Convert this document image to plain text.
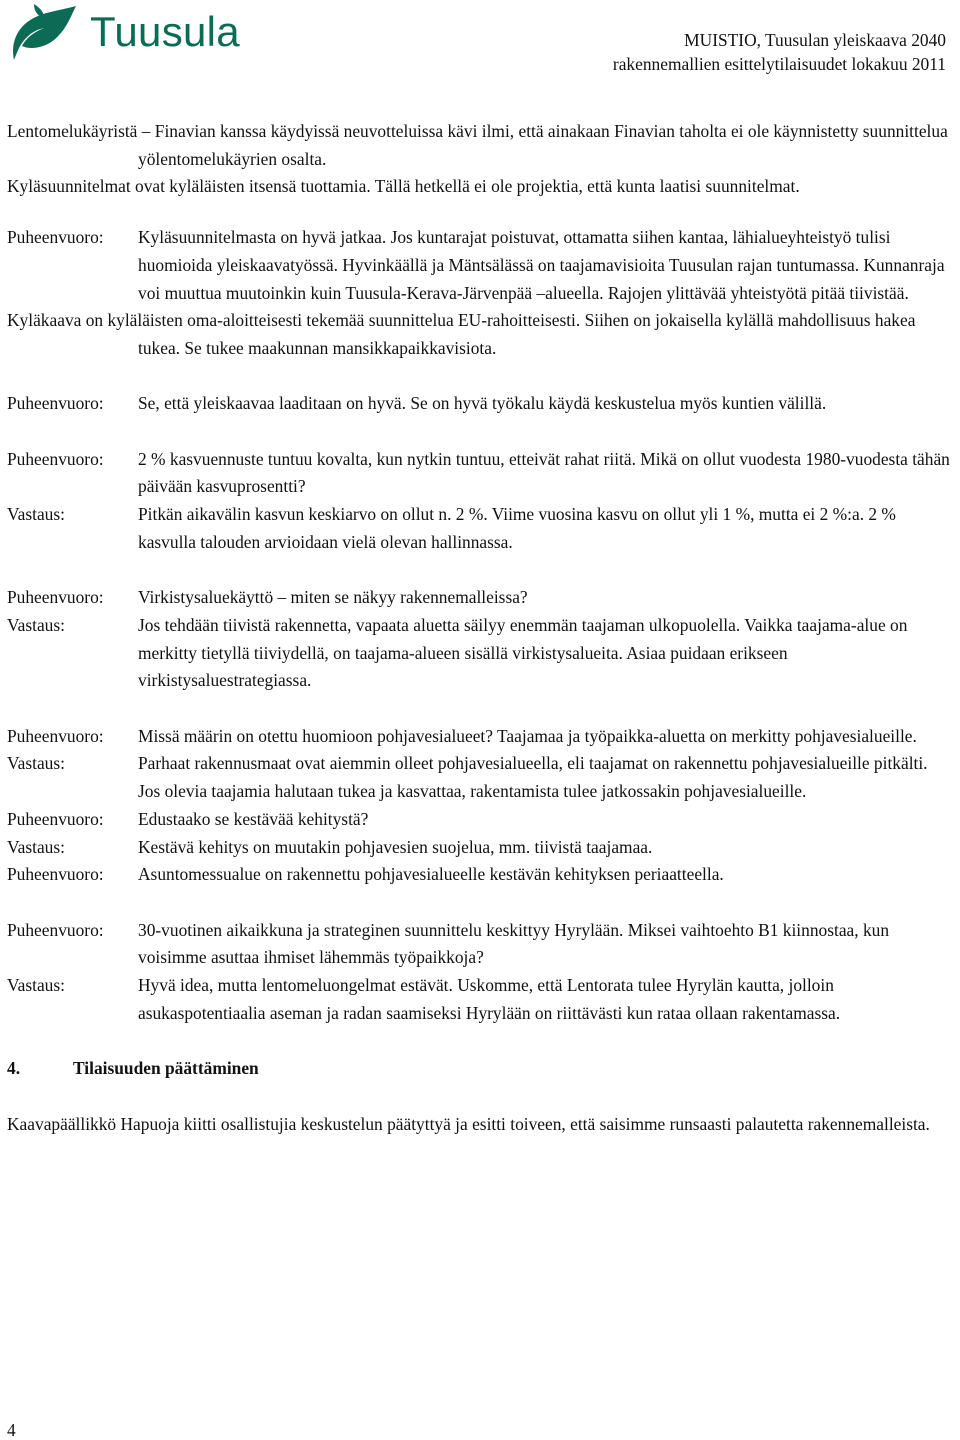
Tuusula	MUISTIO, Tuusulan yleiskaava 2040
rakennemallien esittelytilaisuudet lokakuu 2011

Lentomelukäyristä – Finavian kanssa käydyissä neuvotteluissa kävi ilmi, että ainakaan Finavian taholta ei ole käynnistetty suunnittelua yölentomelukäyrien osalta.

Kyläsuunnitelmat ovat kyläläisten itsensä tuottamia. Tällä hetkellä ei ole projektia, että kunta laatisi suunnitelmat.

Puheenvuoro:	Kyläsuunnitelmasta on hyvä jatkaa. Jos kuntarajat poistuvat, ottamatta siihen kantaa, lähialueyhteistyö tulisi huomioida yleiskaavatyössä. Hyvinkäällä ja Mäntsälässä on taajamavisioita Tuusulan rajan tuntumassa. Kunnanraja voi muuttua muutoinkin kuin Tuusula-Kerava-Järvenpää –alueella. Rajojen ylittävää yhteistyötä pitää tiivistää.

Kyläkaava on kyläläisten oma-aloitteisesti tekemää suunnittelua EU-rahoitteisesti. Siihen on jokaisella kylällä mahdollisuus hakea tukea. Se tukee maakunnan mansikkapaikkavisiota.

Puheenvuoro:	Se, että yleiskaavaa laaditaan on hyvä. Se on hyvä työkalu käydä keskustelua myös kuntien välillä.
Puheenvuoro:	2 % kasvuennuste tuntuu kovalta, kun nytkin tuntuu, etteivät rahat riitä. Mikä on ollut vuodesta 1980-vuodesta tähän päivään kasvuprosentti?
Vastaus:	Pitkän aikavälin kasvun keskiarvo on ollut n. 2 %. Viime vuosina kasvu on ollut yli 1 %, mutta ei 2 %:a. 2 % kasvulla talouden arvioidaan vielä olevan hallinnassa.
Puheenvuoro:	Virkistysaluekäyttö – miten se näkyy rakennemalleissa?
Vastaus:	Jos tehdään tiivistä rakennetta, vapaata aluetta säilyy enemmän taajaman ulkopuolella. Vaikka taajama-alue on merkitty tietyllä tiiviydellä, on taajama-alueen sisällä virkistysalueita. Asiaa puidaan erikseen virkistysaluestrategiassa.
Puheenvuoro:	Missä määrin on otettu huomioon pohjavesialueet? Taajamaa ja työpaikka-aluetta on merkitty pohjavesialueille.
Vastaus:	Parhaat rakennusmaat ovat aiemmin olleet pohjavesialueella, eli taajamat on rakennettu pohjavesialueille pitkälti. Jos olevia taajamia halutaan tukea ja kasvattaa, rakentamista tulee jatkossakin pohjavesialueille.
Puheenvuoro:	Edustaako se kestävää kehitystä?
Vastaus:	Kestävä kehitys on muutakin pohjavesien suojelua, mm. tiivistä taajamaa.
Puheenvuoro:	Asuntomessualue on rakennettu pohjavesialueelle kestävän kehityksen periaatteella.
Puheenvuoro:	30-vuotinen aikaikkuna ja strateginen suunnittelu keskittyy Hyrylään. Miksei vaihtoehto B1 kiinnostaa, kun voisimme asuttaa ihmiset lähemmäs työpaikkoja?
Vastaus:	Hyvä idea, mutta lentomeluongelmat estävät. Uskomme, että Lentorata tulee Hyrylän kautta, jolloin asukaspotentiaalia aseman ja radan saamiseksi Hyrylään on riittävästi kun rataa ollaan rakentamassa.
4.	Tilaisuuden päättäminen

Kaavapäällikkö Hapuoja kiitti osallistujia keskustelun päätyttyä ja esitti toiveen, että saisimme runsaasti palautetta rakennemalleista.

4
